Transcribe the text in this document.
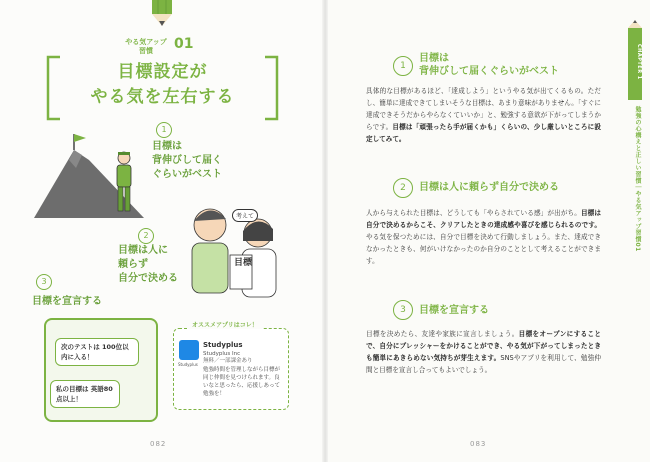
やる気アップ
習慣	01
目標設定が
やる気を左右する
1
目標は
背伸びして届く
ぐらいがベスト
考えて
目標
2
目標は人に
頼らず
自分で決める
3
目標を宣言する
次のテストは 100位以内に入る！
私の目標は 英語80点以上！
オススメアプリはコレ！
Studyplus
Studyplus
Studyplus Inc
無料／一部課金あり
勉強時間を管理しながら目標が同じ仲間を見つけられます。良いなと思ったら、応援しあって勉強を！
082
1
目標は
背伸びして届くぐらいがベスト
具体的な目標があるほど、「達成しよう」というやる気が出てくるもの。ただし、簡単に達成できてしまいそうな目標は、あまり意味がありません。「すぐに達成できそうだからやらなくていいか」と、勉強する意欲が下がってしまうからです。目標は「頑張ったら手が届くかも」くらいの、少し厳しいところに設定してみて。
2	目標は人に頼らず自分で決める
人から与えられた目標は、どうしても「やらされている感」が出がち。目標は自分で決めるからこそ、クリアしたときの達成感や喜びを感じられるのです。やる気を保つためには、自分で目標を決めて行動しましょう。また、達成できなかったときも、何がいけなかったのか自分のこととして考えることができます。
3	目標を宣言する
目標を決めたら、友達や家族に宣言しましょう。目標をオープンにすることで、自分にプレッシャーをかけることができ、やる気が下がってしまったときも簡単にあきらめない気持ちが芽生えます。SNSやアプリを利用して、勉強仲間と目標を宣言し合ってもよいでしょう。
CHAPTER 1
勉強の心構えと正しい習慣｜やる気アップ習慣01
083
